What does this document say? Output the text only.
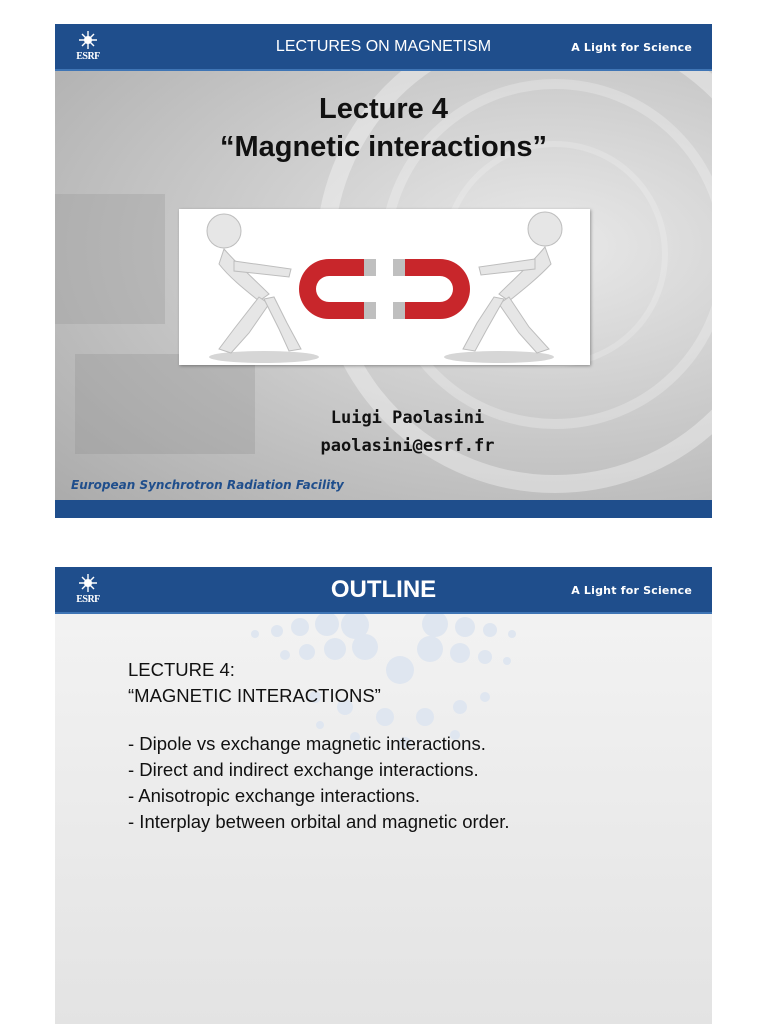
ESRF
LECTURES ON MAGNETISM	A Light for Science
Lecture 4
“Magnetic interactions”
Luigi Paolasini
paolasini@esrf.fr
European Synchrotron Radiation Facility
ESRF	OUTLINE	A Light for Science
LECTURE 4:
“MAGNETIC INTERACTIONS”
- Dipole vs exchange magnetic interactions.
- Direct and indirect exchange interactions.
- Anisotropic exchange interactions.
- Interplay between orbital and magnetic order.
